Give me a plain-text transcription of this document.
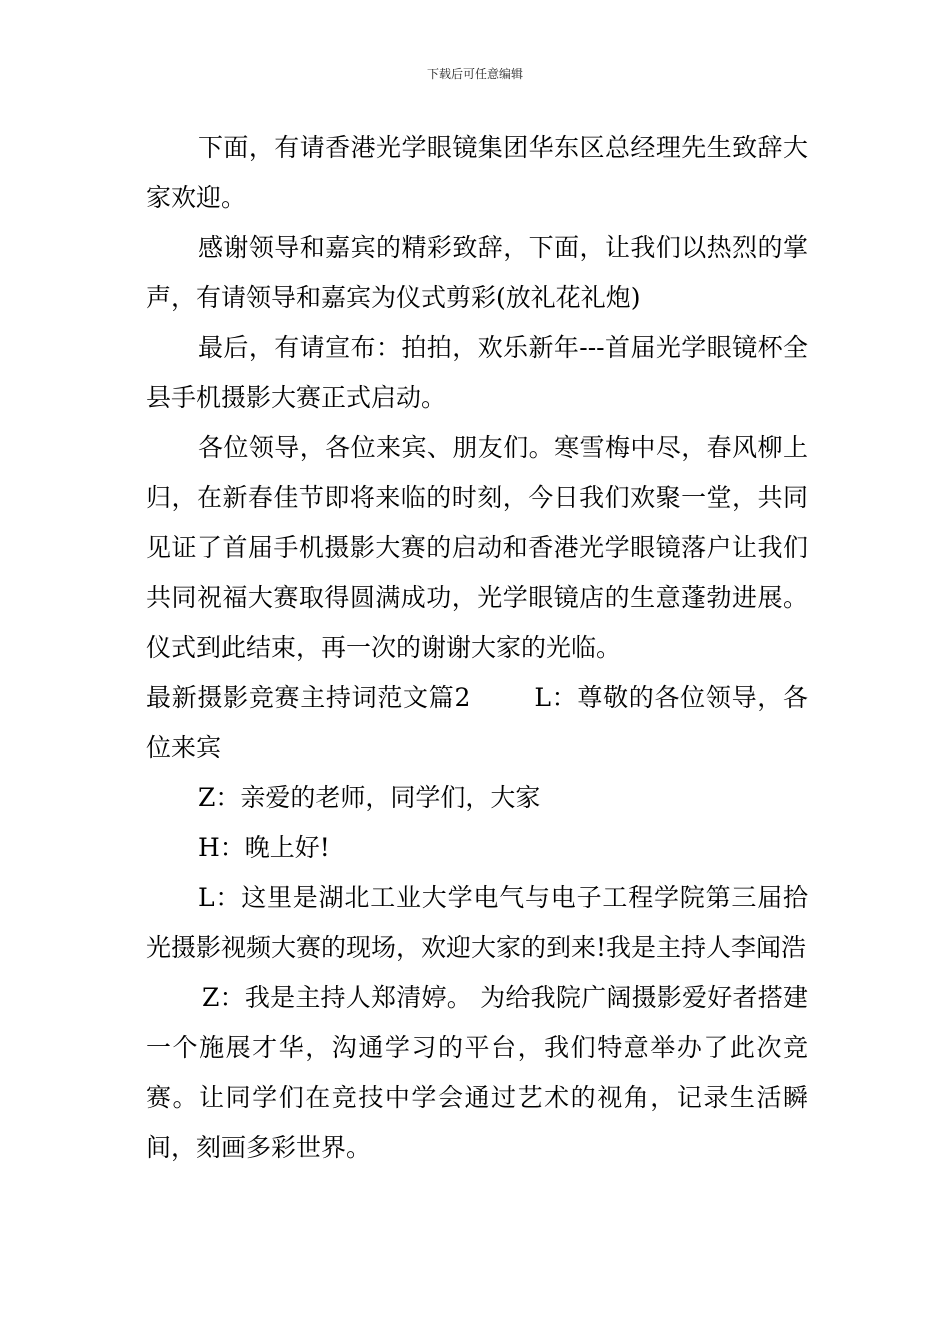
下载后可任意编辑

下面，有请香港光学眼镜集团华东区总经理先生致辞大家欢迎。

感谢领导和嘉宾的精彩致辞，下面，让我们以热烈的掌声，有请领导和嘉宾为仪式剪彩(放礼花礼炮)

最后，有请宣布：拍拍，欢乐新年---首届光学眼镜杯全县手机摄影大赛正式启动。

各位领导，各位来宾、朋友们。寒雪梅中尽，春风柳上归，在新春佳节即将来临的时刻，今日我们欢聚一堂，共同见证了首届手机摄影大赛的启动和香港光学眼镜落户让我们共同祝福大赛取得圆满成功，光学眼镜店的生意蓬勃进展。仪式到此结束，再一次的谢谢大家的光临。

最新摄影竞赛主持词范文篇2	L：尊敬的各位领导，各位来宾

Z：亲爱的老师，同学们，大家

H：晚上好!

L：这里是湖北工业大学电气与电子工程学院第三届拾光摄影视频大赛的现场，欢迎大家的到来!我是主持人李闻浩

Z：我是主持人郑清婷。 为给我院广阔摄影爱好者搭建一个施展才华，沟通学习的平台，我们特意举办了此次竞赛。让同学们在竞技中学会通过艺术的视角，记录生活瞬间，刻画多彩世界。
